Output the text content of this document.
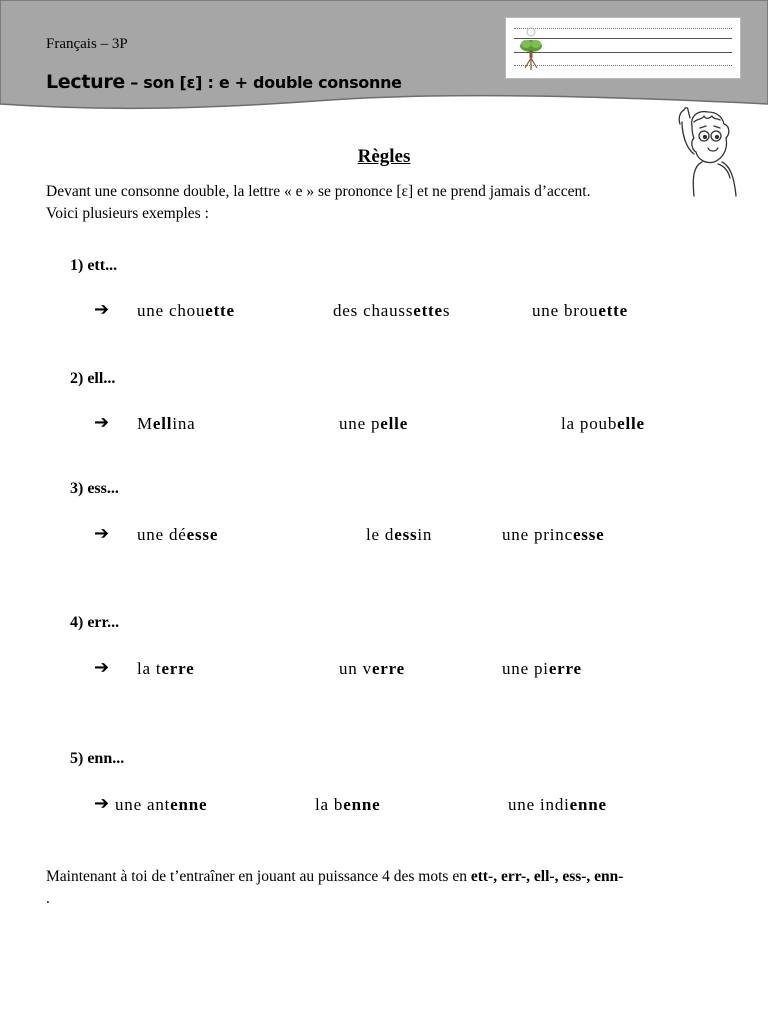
Français – 3P
Lecture – son [ɛ] : e + double consonne
Règles
Devant une consonne double, la lettre « e » se prononce [ɛ] et ne prend jamais d’accent.
Voici plusieurs exemples :
1) ett...
➔ une chouette	des chaussettes	une brouette
2) ell...
➔ Mellina	une pelle	la poubelle
3) ess...
➔ une déesse	le dessin	une princesse
4) err...
➔ la terre	un verre	une pierre
5) enn...
➔ une antenne	la benne	une indienne
Maintenant à toi de t’entraîner en jouant au puissance 4 des mots en ett-, err-, ell-, ess-, enn-
.
